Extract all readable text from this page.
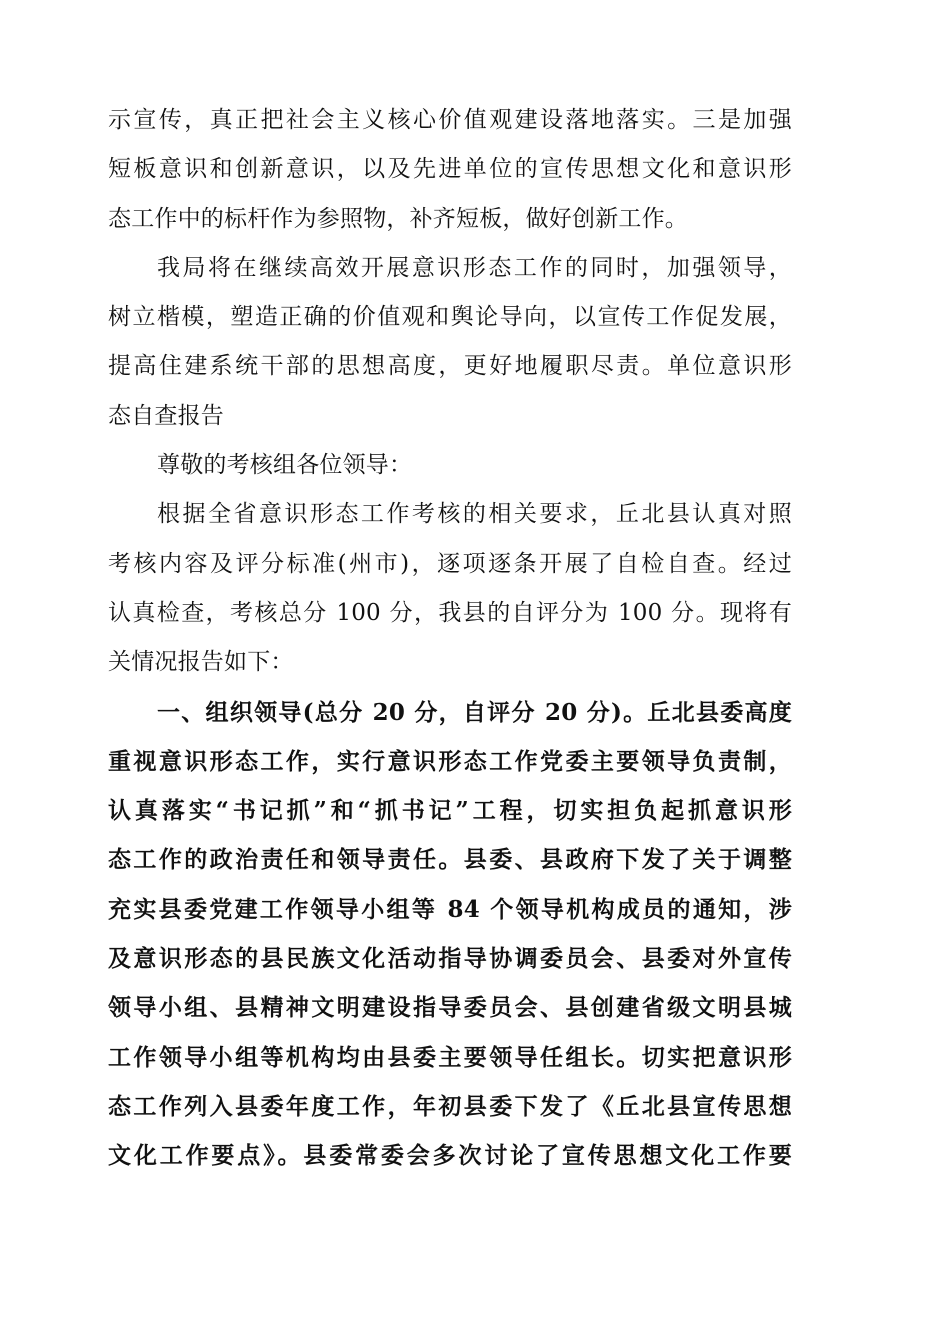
示宣传，真正把社会主义核心价值观建设落地落实。三是加强
短板意识和创新意识，以及先进单位的宣传思想文化和意识形
态工作中的标杆作为参照物，补齐短板，做好创新工作。
我局将在继续高效开展意识形态工作的同时，加强领导，
树立楷模，塑造正确的价值观和舆论导向，以宣传工作促发展，
提高住建系统干部的思想高度，更好地履职尽责。单位意识形
态自查报告
尊敬的考核组各位领导：
根据全省意识形态工作考核的相关要求，丘北县认真对照
考核内容及评分标准(州市)，逐项逐条开展了自检自查。经过
认真检查，考核总分 100 分，我县的自评分为 100 分。现将有
关情况报告如下：
一、组织领导(总分 20 分，自评分 20 分)。丘北县委高度
重视意识形态工作，实行意识形态工作党委主要领导负责制，
认真落实“书记抓”和“抓书记”工程，切实担负起抓意识形
态工作的政治责任和领导责任。县委、县政府下发了关于调整
充实县委党建工作领导小组等 84 个领导机构成员的通知，涉
及意识形态的县民族文化活动指导协调委员会、县委对外宣传
领导小组、县精神文明建设指导委员会、县创建省级文明县城
工作领导小组等机构均由县委主要领导任组长。切实把意识形
态工作列入县委年度工作，年初县委下发了《丘北县宣传思想
文化工作要点》。县委常委会多次讨论了宣传思想文化工作要
